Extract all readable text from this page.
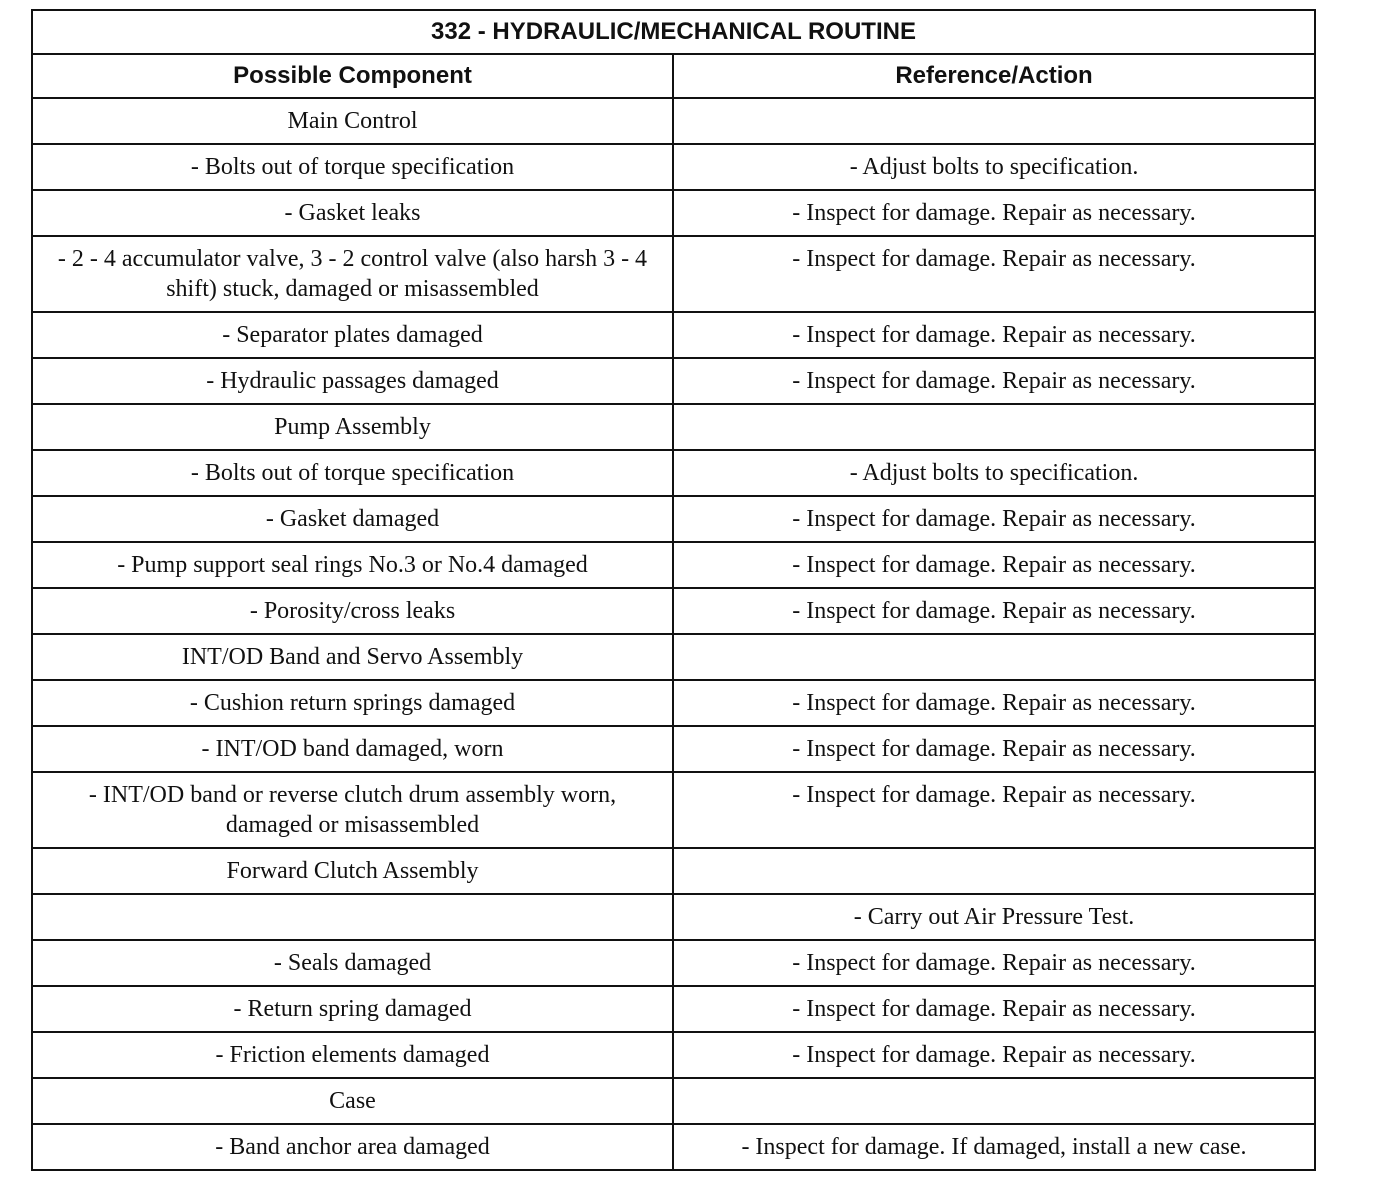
332 - HYDRAULIC/MECHANICAL ROUTINE	
Possible Component	Reference/Action

Main Control	

- Bolts out of torque specification	- Adjust bolts to specification.

- Gasket leaks	- Inspect for damage. Repair as necessary.

- 2 - 4 accumulator valve, 3 - 2 control valve (also harsh 3 - 4 shift) stuck, damaged or misassembled	- Inspect for damage. Repair as necessary.

- Separator plates damaged	- Inspect for damage. Repair as necessary.

- Hydraulic passages damaged	- Inspect for damage. Repair as necessary.

Pump Assembly	

- Bolts out of torque specification	- Adjust bolts to specification.

- Gasket damaged	- Inspect for damage. Repair as necessary.

- Pump support seal rings No.3 or No.4 damaged	- Inspect for damage. Repair as necessary.

- Porosity/cross leaks	- Inspect for damage. Repair as necessary.

INT/OD Band and Servo Assembly	

- Cushion return springs damaged	- Inspect for damage. Repair as necessary.

- INT/OD band damaged, worn	- Inspect for damage. Repair as necessary.

- INT/OD band or reverse clutch drum assembly worn, damaged or misassembled	- Inspect for damage. Repair as necessary.

Forward Clutch Assembly	

	- Carry out Air Pressure Test.

- Seals damaged	- Inspect for damage. Repair as necessary.

- Return spring damaged	- Inspect for damage. Repair as necessary.

- Friction elements damaged	- Inspect for damage. Repair as necessary.

Case	

- Band anchor area damaged	- Inspect for damage. If damaged, install a new case.
